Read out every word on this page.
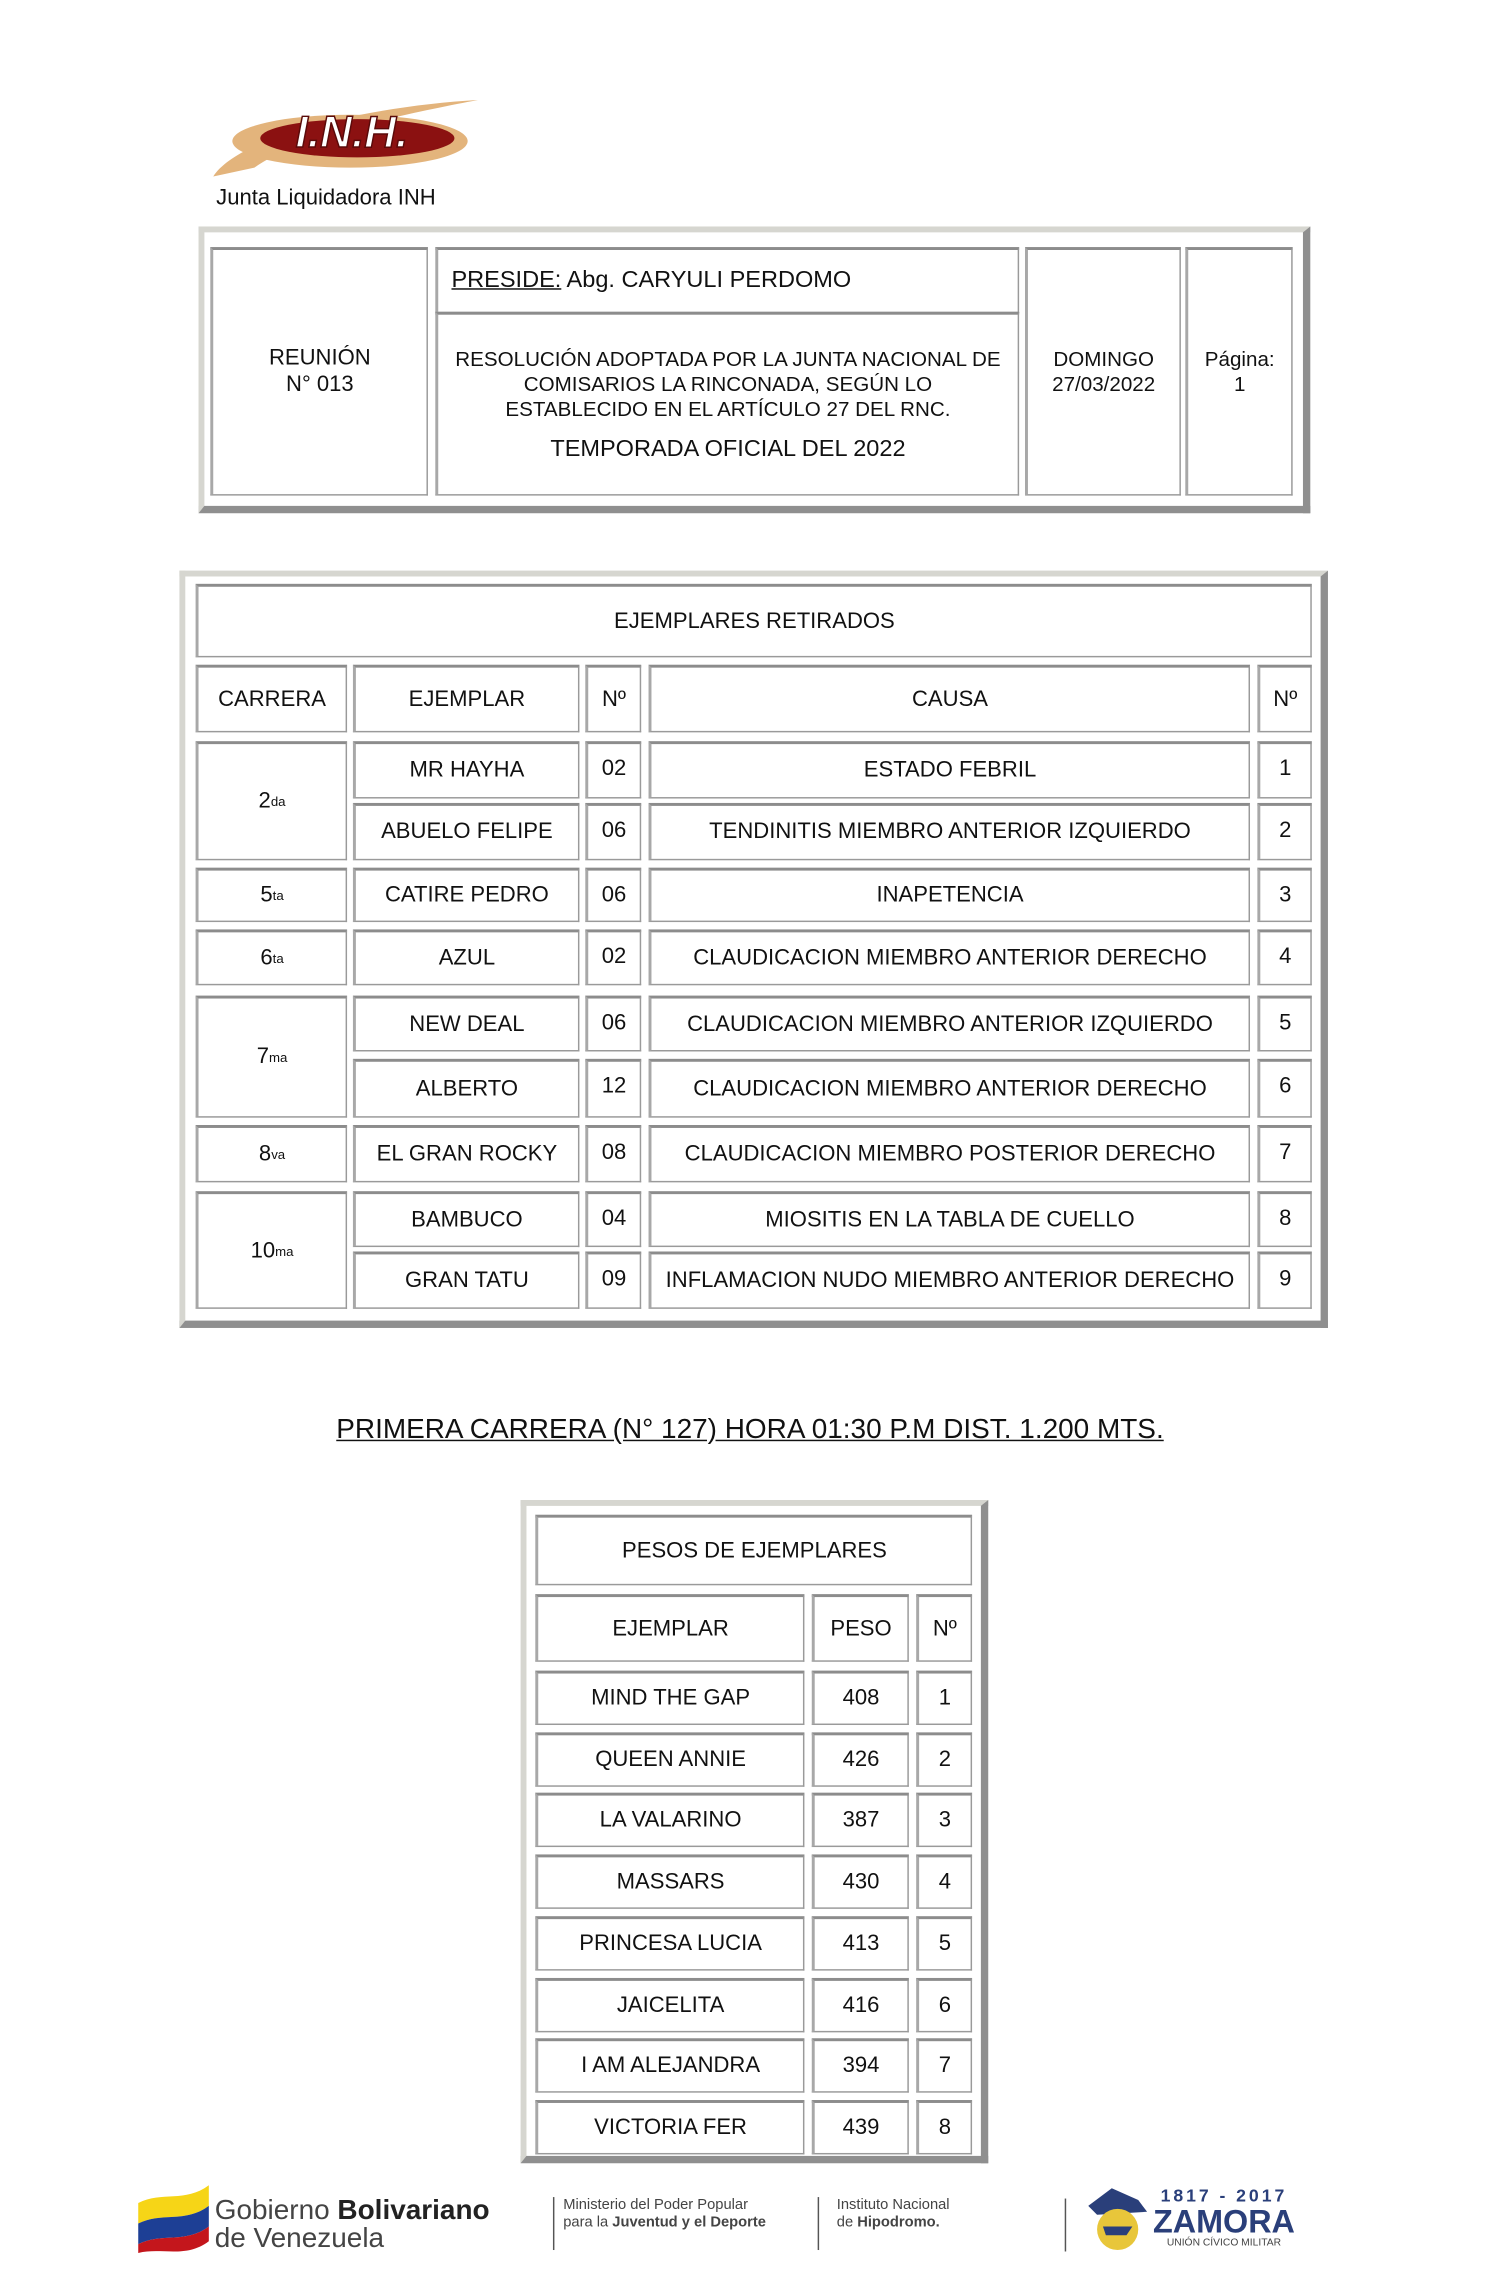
I.N.H.
Junta Liquidadora INH
REUNIÓN
N° 013
PRESIDE: Abg. CARYULI PERDOMO
RESOLUCIÓN ADOPTADA POR LA JUNTA NACIONAL DE COMISARIOS LA RINCONADA, SEGÚN LO ESTABLECIDO EN EL ARTÍCULO 27 DEL RNC.
TEMPORADA OFICIAL DEL 2022
DOMINGO
27/03/2022
Página:
1
PRIMERA CARRERA (N° 127) HORA 01:30 P.M DIST. 1.200 MTS.
Gobierno Bolivariano
de Venezuela
Ministerio del Poder Popular
para la Juventud y el Deporte
Instituto Nacional
de Hipodromo.
1817 - 2017
ZAMORA
UNIÓN CÍVICO MILITAR
EJEMPLARES RETIRADOS
CARRERA	EJEMPLAR	Nº	CAUSA	Nº
2 da
MR HAYHA	02	ESTADO FEBRIL	1
ABUELO FELIPE	06	TENDINITIS MIEMBRO ANTERIOR IZQUIERDO	2
5 ta	CATIRE PEDRO	06	INAPETENCIA	3
6 ta	AZUL	02	CLAUDICACION MIEMBRO ANTERIOR DERECHO	4
7 ma
NEW DEAL	06	CLAUDICACION MIEMBRO ANTERIOR IZQUIERDO	5
ALBERTO	12	CLAUDICACION MIEMBRO ANTERIOR DERECHO	6
8 va	EL GRAN ROCKY	08	CLAUDICACION MIEMBRO POSTERIOR DERECHO	7
10 ma
BAMBUCO	04	MIOSITIS EN LA TABLA DE CUELLO	8
GRAN TATU	09	INFLAMACION NUDO MIEMBRO ANTERIOR DERECHO	9
PESOS DE EJEMPLARES
EJEMPLAR	PESO	Nº
MIND THE GAP	408	1
QUEEN ANNIE	426	2
LA VALARINO	387	3
MASSARS	430	4
PRINCESA LUCIA	413	5
JAICELITA	416	6
I AM ALEJANDRA	394	7
VICTORIA FER	439	8
